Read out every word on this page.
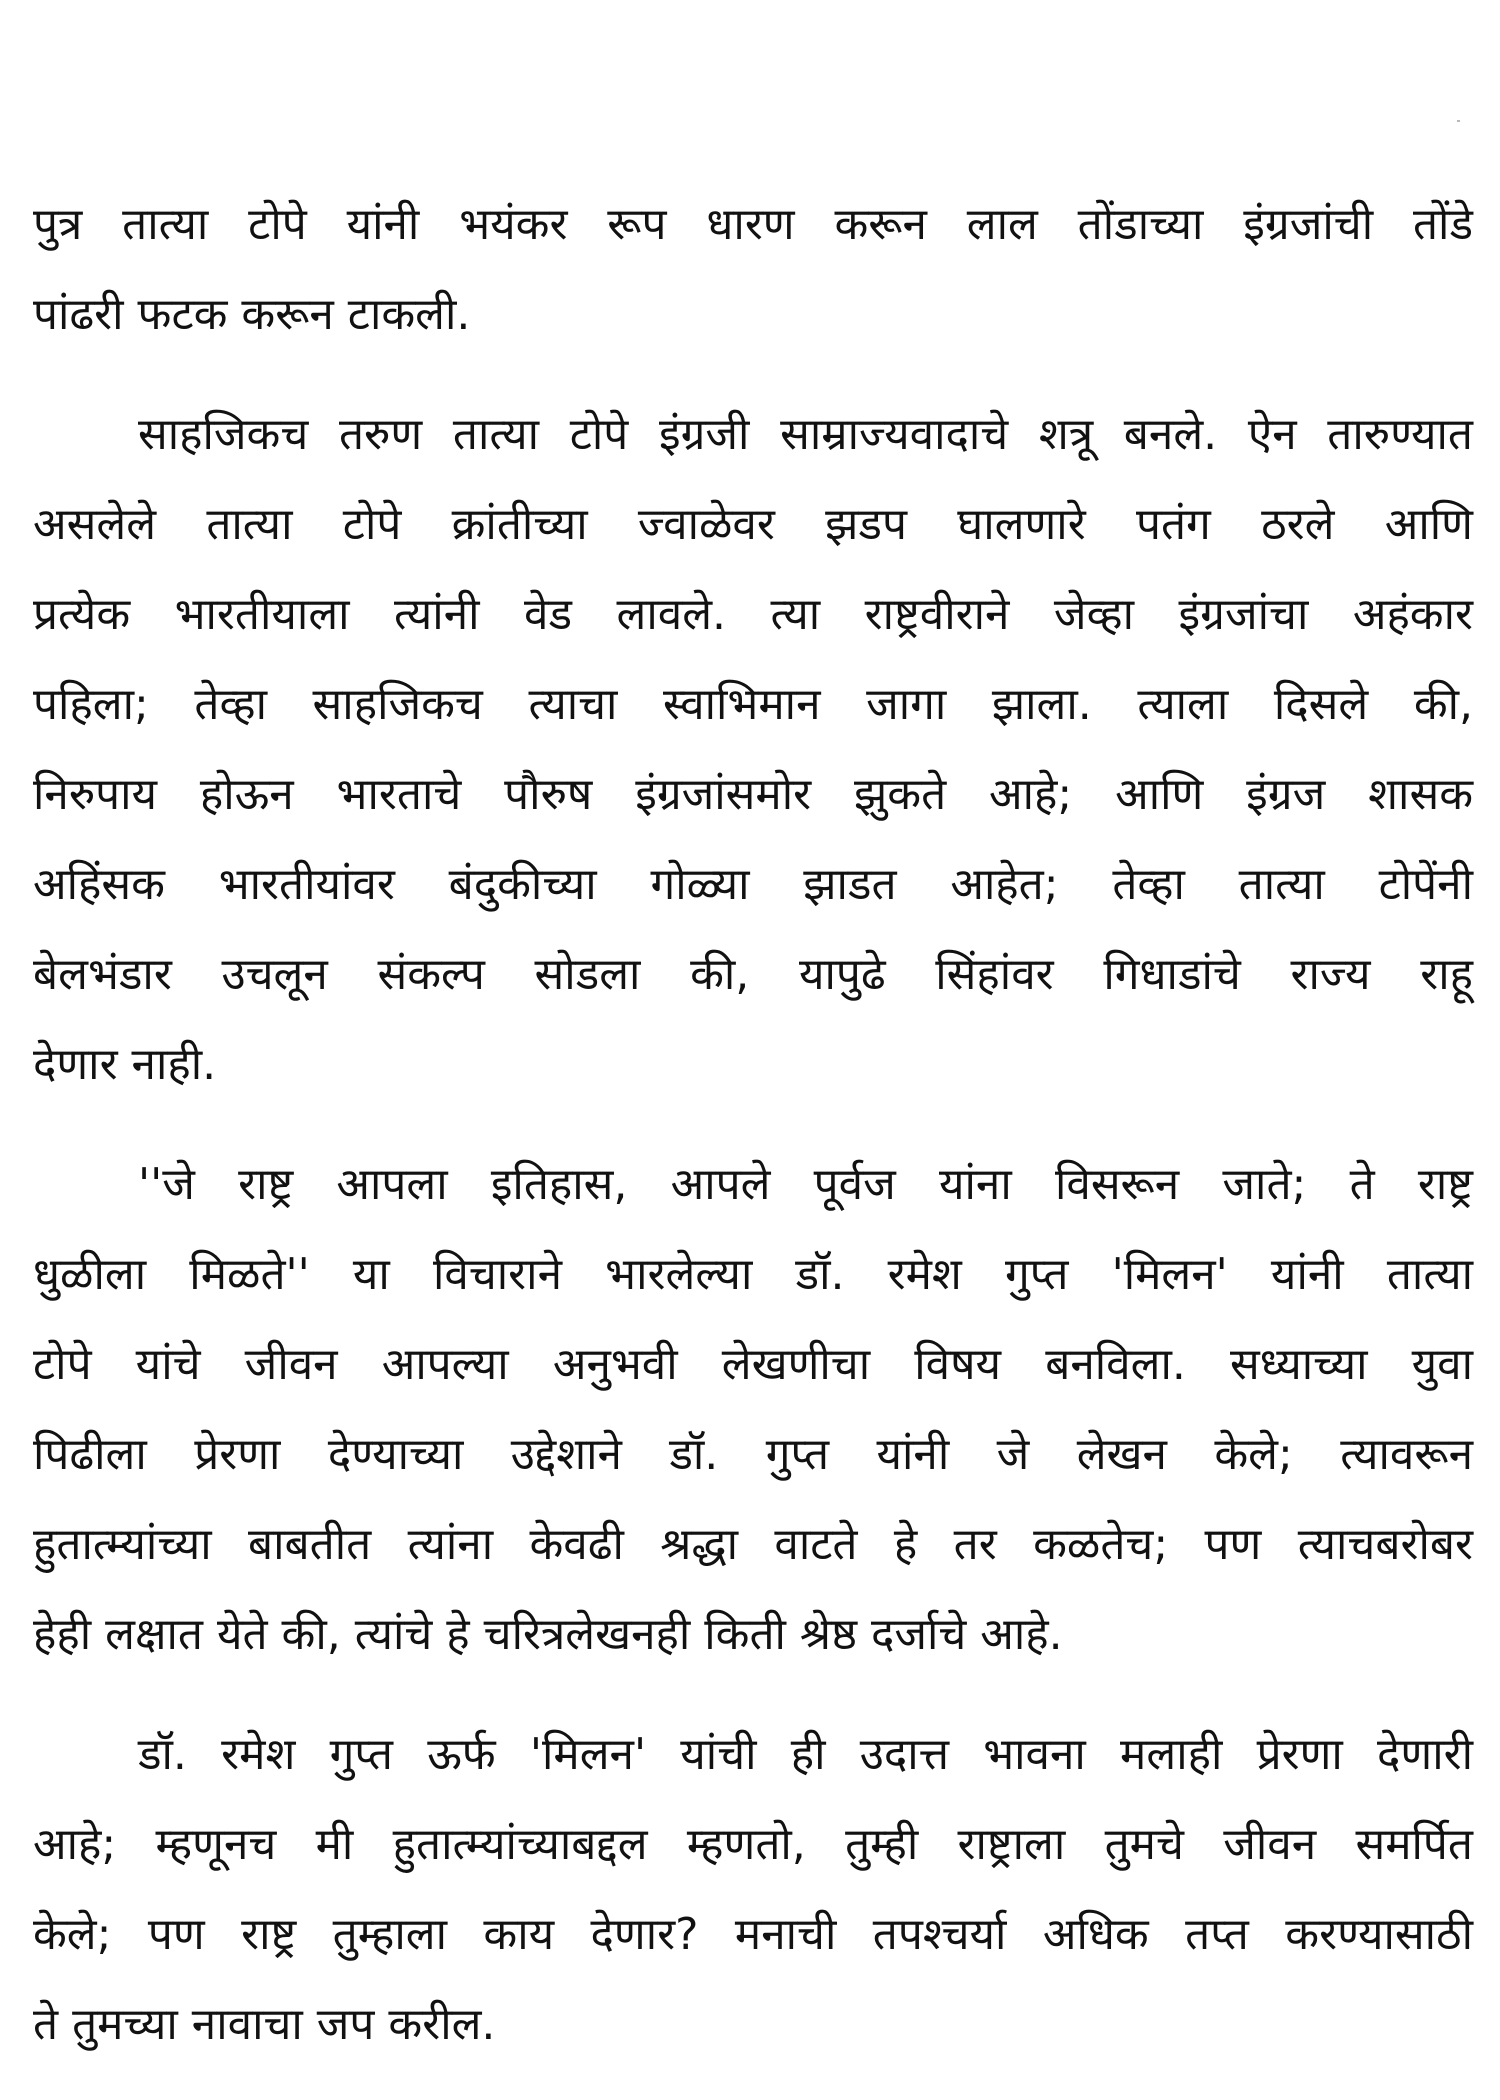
पुत्र तात्या टोपे यांनी भयंकर रूप धारण करून लाल तोंडाच्या इंग्रजांची तोंडे
पांढरी फटक करून टाकली.
साहजिकच तरुण तात्या टोपे इंग्रजी साम्राज्यवादाचे शत्रू बनले. ऐन तारुण्यात
असलेले तात्या टोपे क्रांतीच्या ज्वाळेवर झडप घालणारे पतंग ठरले आणि
प्रत्येक भारतीयाला त्यांनी वेड लावले. त्या राष्ट्रवीराने जेव्हा इंग्रजांचा अहंकार
पहिला; तेव्हा साहजिकच त्याचा स्वाभिमान जागा झाला. त्याला दिसले की,
निरुपाय होऊन भारताचे पौरुष इंग्रजांसमोर झुकते आहे; आणि इंग्रज शासक
अहिंसक भारतीयांवर बंदुकीच्या गोळ्या झाडत आहेत; तेव्हा तात्या टोपेंनी
बेलभंडार उचलून संकल्प सोडला की, यापुढे सिंहांवर गिधाडांचे राज्य राहू
देणार नाही.
''जे राष्ट्र आपला इतिहास, आपले पूर्वज यांना विसरून जाते; ते राष्ट्र
धुळीला मिळते'' या विचाराने भारलेल्या डॉ. रमेश गुप्त 'मिलन' यांनी तात्या
टोपे यांचे जीवन आपल्या अनुभवी लेखणीचा विषय बनविला. सध्याच्या युवा
पिढीला प्रेरणा देण्याच्या उद्देशाने डॉ. गुप्त यांनी जे लेखन केले; त्यावरून
हुतात्म्यांच्या बाबतीत त्यांना केवढी श्रद्धा वाटते हे तर कळतेच; पण त्याचबरोबर
हेही लक्षात येते की, त्यांचे हे चरित्रलेखनही किती श्रेष्ठ दर्जाचे आहे.
डॉ. रमेश गुप्त ऊर्फ 'मिलन' यांची ही उदात्त भावना मलाही प्रेरणा देणारी
आहे; म्हणूनच मी हुतात्म्यांच्याबद्दल म्हणतो, तुम्ही राष्ट्राला तुमचे जीवन समर्पित
केले; पण राष्ट्र तुम्हाला काय देणार? मनाची तपश्चर्या अधिक तप्त करण्यासाठी
ते तुमच्या नावाचा जप करील.
